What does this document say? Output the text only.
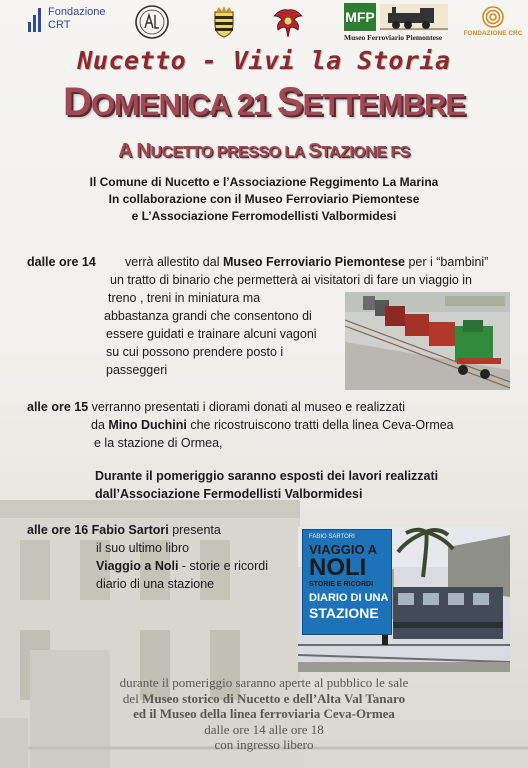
Fondazione
CRT	MFP
Museo Ferroviario Piemontese	FONDAZIONE CRC
Nucetto - Vivi la Storia
DOMENICA 21 SETTEMBRE
A NUCETTO PRESSO LA STAZIONE FS
Il Comune di Nucetto e l’Associazione Reggimento La Marina
In collaborazione con il Museo Ferroviario Piemontese
e L’Associazione Ferromodellisti Valbormidesi
dalle ore 14 verrà allestito dal Museo Ferroviario Piemontese per i “bambini”
un tratto di binario che permetterà ai visitatori di fare un viaggio in
treno , treni in miniatura ma
abbastanza grandi che consentono di
essere guidati e trainare alcuni vagoni
su cui possono prendere posto i
passeggeri
alle ore 15 verranno presentati i diorami donati al museo e realizzati
da Mino Duchini che ricostruiscono tratti della linea Ceva-Ormea
e la stazione di Ormea,
Durante il pomeriggio saranno esposti dei lavori realizzati
dall’Associazione Fermodellisti Valbormidesi
alle ore 16 Fabio Sartori presenta
il suo ultimo libro
Viaggio a Noli - storie e ricordi
diario di una stazione
FABIO SARTORI
VIAGGIO A
NOLI
STORIE E RICORDI
DIARIO DI UNA
STAZIONE
durante il pomeriggio saranno aperte al pubblico le sale
del Museo storico di Nucetto e dell’Alta Val Tanaro
ed il Museo della linea ferroviaria Ceva-Ormea
dalle ore 14 alle ore 18
con ingresso libero
